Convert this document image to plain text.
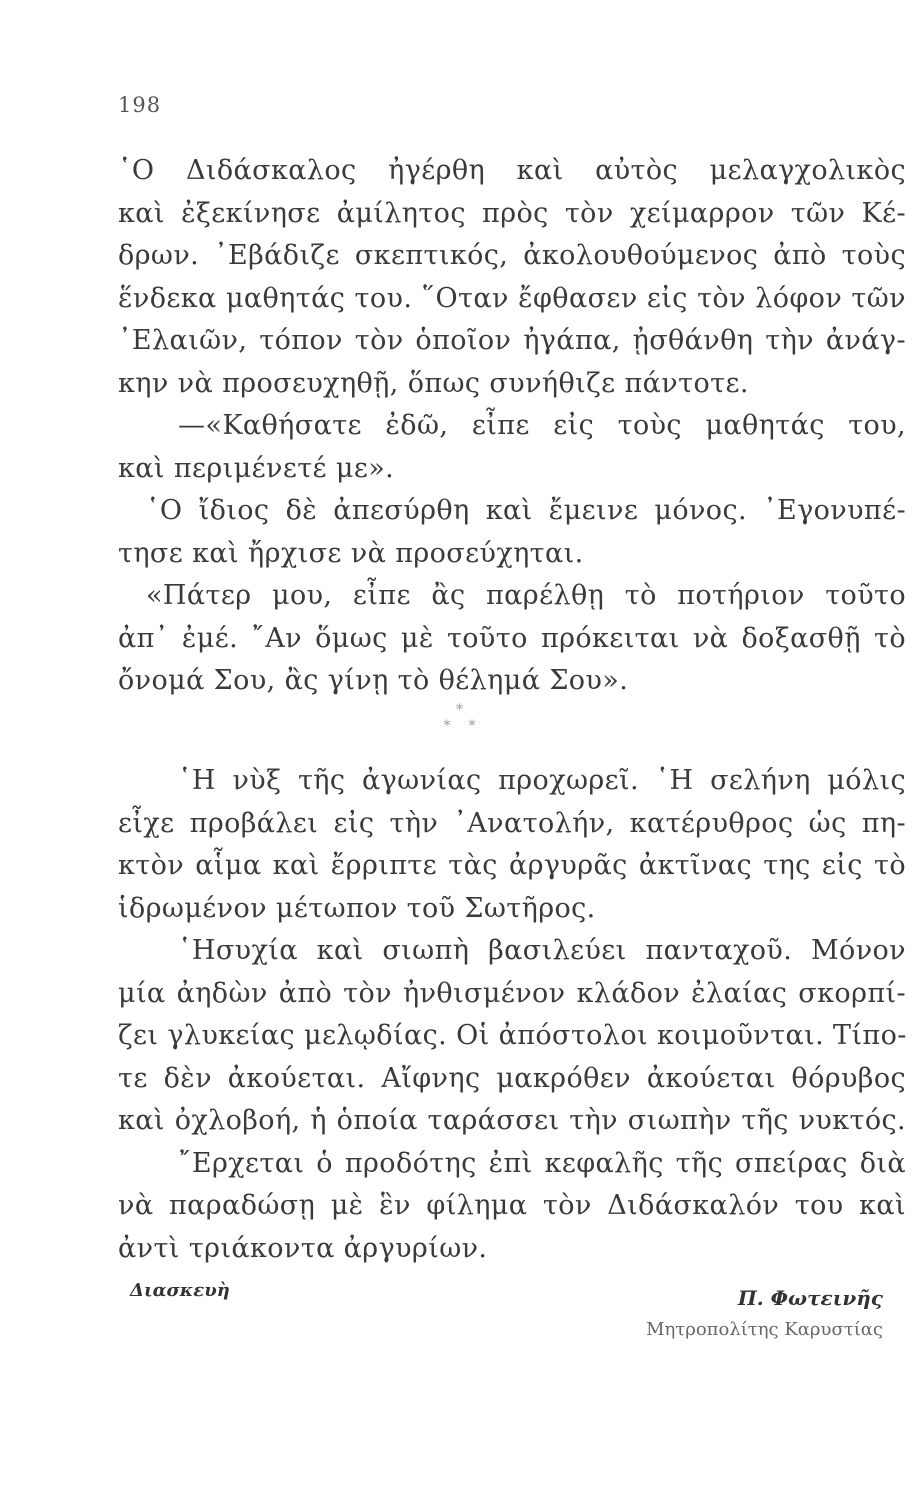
198
῾Ο Διδάσκαλος ἠγέρθη καὶ αὐτὸς μελαγχολικὸς
καὶ ἐξεκίνησε ἀμίλητος πρὸς τὸν χείμαρρον τῶν Κέ-
δρων. ᾿Εβάδιζε σκεπτικός, ἀκολουθούμενος ἀπὸ τοὺς
ἕνδεκα μαθητάς του. ῞Οταν ἔφθασεν εἰς τὸν λόφον τῶν
᾿Ελαιῶν, τόπον τὸν ὁποῖον ἠγάπα, ᾐσθάνθη τὴν ἀνάγ-
κην νὰ προσευχηθῇ, ὅπως συνήθιζε πάντοτε.
—«Καθήσατε ἐδῶ, εἶπε εἰς τοὺς μαθητάς του,
καὶ περιμένετέ με».
῾Ο ἴδιος δὲ ἀπεσύρθη καὶ ἔμεινε μόνος. ᾿Εγονυπέ-
τησε καὶ ἤρχισε νὰ προσεύχηται.
«Πάτερ μου, εἶπε ἂς παρέλθῃ τὸ ποτήριον τοῦτο
ἀπ᾿ ἐμέ. ῎Αν ὅμως μὲ τοῦτο πρόκειται νὰ δοξασθῇ τὸ
ὄνομά Σου, ἂς γίνῃ τὸ θέλημά Σου».
*
**
῾Η νὺξ τῆς ἀγωνίας προχωρεῖ. ῾Η σελήνη μόλις
εἶχε προβάλει εἰς τὴν ᾿Ανατολήν, κατέρυθρος ὡς πη-
κτὸν αἷμα καὶ ἔρριπτε τὰς ἀργυρᾶς ἀκτῖνας της εἰς τὸ
ἱδρωμένον μέτωπον τοῦ Σωτῆρος.
῾Ησυχία καὶ σιωπὴ βασιλεύει πανταχοῦ. Μόνον
μία ἀηδὼν ἀπὸ τὸν ἠνθισμένον κλάδον ἐλαίας σκορπί-
ζει γλυκείας μελῳδίας. Οἱ ἀπόστολοι κοιμοῦνται. Τίπο-
τε δὲν ἀκούεται. Αἴφνης μακρόθεν ἀκούεται θόρυβος
καὶ ὀχλοβοή, ἡ ὁποία ταράσσει τὴν σιωπὴν τῆς νυκτός.
῎Ερχεται ὁ προδότης ἐπὶ κεφαλῆς τῆς σπείρας διὰ
νὰ παραδώσῃ μὲ ἓν φίλημα τὸν Διδάσκαλόν του καὶ
ἀντὶ τριάκοντα ἀργυρίων.
Διασκευὴ	Π. Φωτεινῆς
Μητροπολίτης Καρυστίας
